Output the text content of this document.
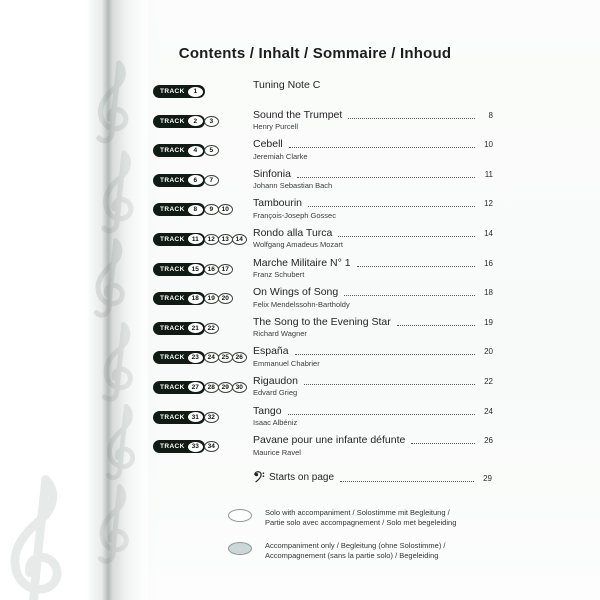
Contents / Inhalt / Sommaire / Inhoud
TRACK	1
Tuning Note C
TRACK	2	3
Sound the Trumpet	8
Henry Purcell
TRACK	4	5
Cebell	10
Jeremiah Clarke
TRACK	6	7
Sinfonia	11
Johann Sebastian Bach
TRACK	8	9	10
Tambourin	12
François-Joseph Gossec
TRACK	11	12	13	14
Rondo alla Turca	14
Wolfgang Amadeus Mozart
TRACK	15	16	17
Marche Militaire N° 1	16
Franz Schubert
TRACK	18	19	20
On Wings of Song	18
Felix Mendelssohn-Bartholdy
TRACK	21	22
The Song to the Evening Star	19
Richard Wagner
TRACK	23	24	25	26
España	20
Emmanuel Chabrier
TRACK	27	28	29	30
Rigaudon	22
Edvard Grieg
TRACK	31	32
Tango	24
Isaac Albéniz
TRACK	33	34
Pavane pour une infante défunte	26
Maurice Ravel
Starts on page	29
Solo with accompaniment / Solostimme mit Begleitung /
Partie solo avec accompagnement / Solo met begeleiding
Accompaniment only / Begleitung (ohne Solostimme) /
Accompagnement (sans la partie solo) / Begeleiding
